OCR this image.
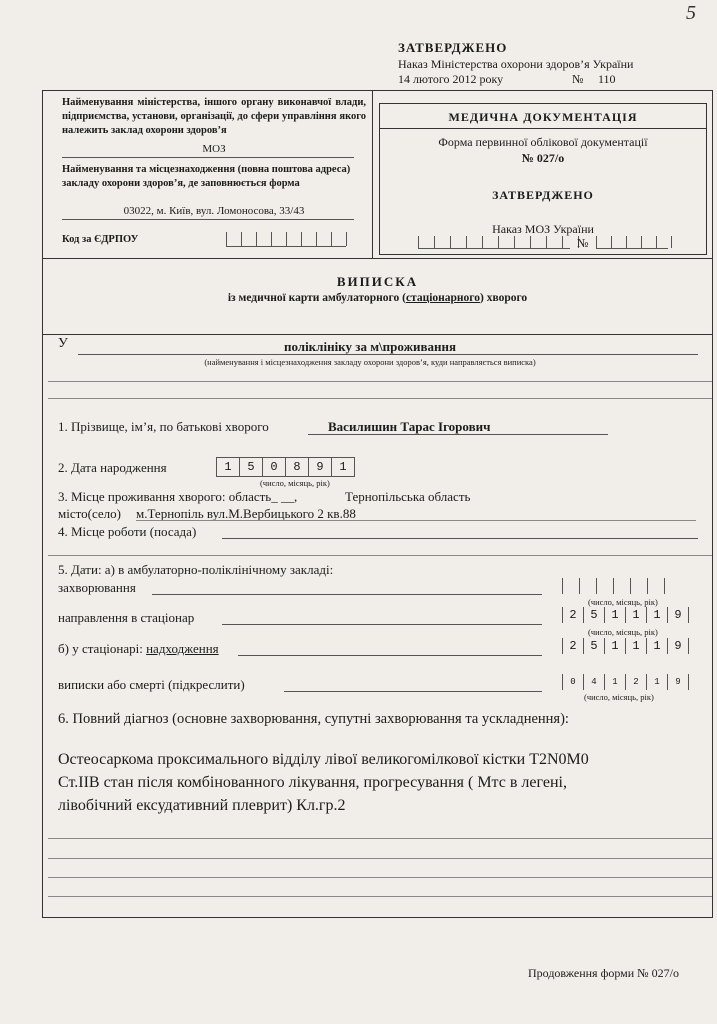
5
ЗАТВЕРДЖЕНО
Наказ Міністерства охорони здоров’я України
14 лютого 2012 року	№ 110
Найменування міністерства, іншого органу виконавчої влади, підприємства, установи, організації, до сфери управління якого належить заклад охорони здоров’я
МОЗ
Найменування та місцезнаходження (повна поштова адреса) закладу охорони здоров’я, де заповнюється форма
03022, м. Київ, вул. Ломоносова, 33/43
Код за ЄДРПОУ
МЕДИЧНА ДОКУМЕНТАЦІЯ
Форма первинної облікової документації
№ 027/о
ЗАТВЕРДЖЕНО
Наказ МОЗ України
№
ВИПИСКА
із медичної карти амбулаторного (стаціонарного) хворого
У	поліклініку за м\проживання
(найменування і місцезнаходження закладу охорони здоров’я, куди направляється виписка)
1. Прізвище, ім’я, по батькові хворого	Василишин Тарас Ігорович
2. Дата народження	1	5	0	8	9	1
(число, місяць, рік)
3. Місце проживання хворого: область_ __,	Тернопільська область
місто(село) м.Тернопіль вул.М.Вербицького 2 кв.88
4. Місце роботи (посада)
5. Дати: а) в амбулаторно-поліклінічному закладі:
захворювання
(число, місяць, рік)
направлення в стаціонар	2	5	1	1	1	9
(число, місяць, рік)
б) у стаціонарі: надходження	2	5	1	1	1	9
виписки або смерті (підкреслити)	0	4	1	2	1	9
(число, місяць, рік)
6. Повний діагноз (основне захворювання, супутні захворювання та ускладнення):
Остеосаркома проксимального відділу лівої великогомілкової кістки T2N0M0
Ст.IIВ стан після комбінованного лікування, прогресування ( Мтс в легені,
лівобічний ексудативний плеврит) Кл.гр.2
Продовження форми № 027/о
